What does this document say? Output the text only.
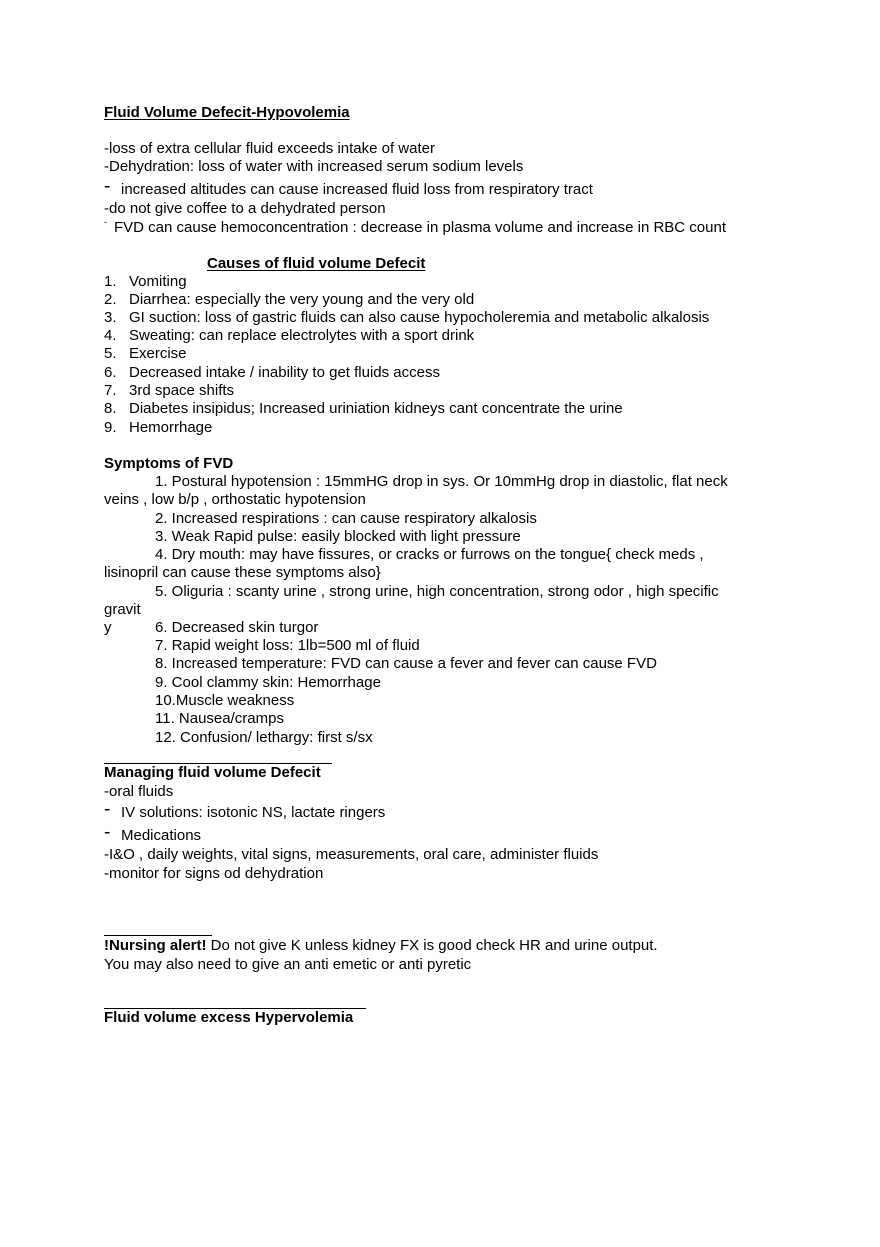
Fluid Volume Defecit-Hypovolemia
-loss of extra cellular fluid exceeds intake of water
-Dehydration: loss of water with increased serum sodium levels
- increased altitudes can cause increased fluid loss from respiratory tract
-do not give coffee to a dehydrated person
- FVD can cause hemoconcentration : decrease in plasma volume and increase in RBC count
Causes of fluid volume Defecit
1. Vomiting
2. Diarrhea: especially the very young and the very old
3. GI suction: loss of gastric fluids can also cause hypocholeremia and metabolic alkalosis
4. Sweating: can replace electrolytes with a sport drink
5. Exercise
6. Decreased intake / inability to get fluids access
7. 3rd space shifts
8. Diabetes insipidus; Increased uriniation kidneys cant concentrate the urine
9. Hemorrhage
Symptoms of FVD
1. Postural hypotension : 15mmHG drop in sys. Or 10mmHg drop in diastolic, flat neck
veins , low b/p , orthostatic hypotension
2. Increased respirations : can cause respiratory alkalosis
3. Weak Rapid pulse: easily blocked with light pressure
4. Dry mouth: may have fissures, or cracks or furrows on the tongue{ check meds ,
lisinopril can cause these symptoms also}
5. Oliguria : scanty urine , strong urine, high concentration, strong odor , high specific
gravit
y	6. Decreased skin turgor
7. Rapid weight loss: 1lb=500 ml of fluid
8. Increased temperature: FVD can cause a fever and fever can cause FVD
9. Cool clammy skin: Hemorrhage
10.Muscle weakness
11. Nausea/cramps
12. Confusion/ lethargy: first s/sx
Managing fluid volume Defecit
-oral fluids
- IV solutions: isotonic NS, lactate ringers
- Medications
-I&O , daily weights, vital signs, measurements, oral care, administer fluids
-monitor for signs od dehydration
!Nursing alert! Do not give K unless kidney FX is good check HR and urine output.
You may also need to give an anti emetic or anti pyretic
Fluid volume excess Hypervolemia
